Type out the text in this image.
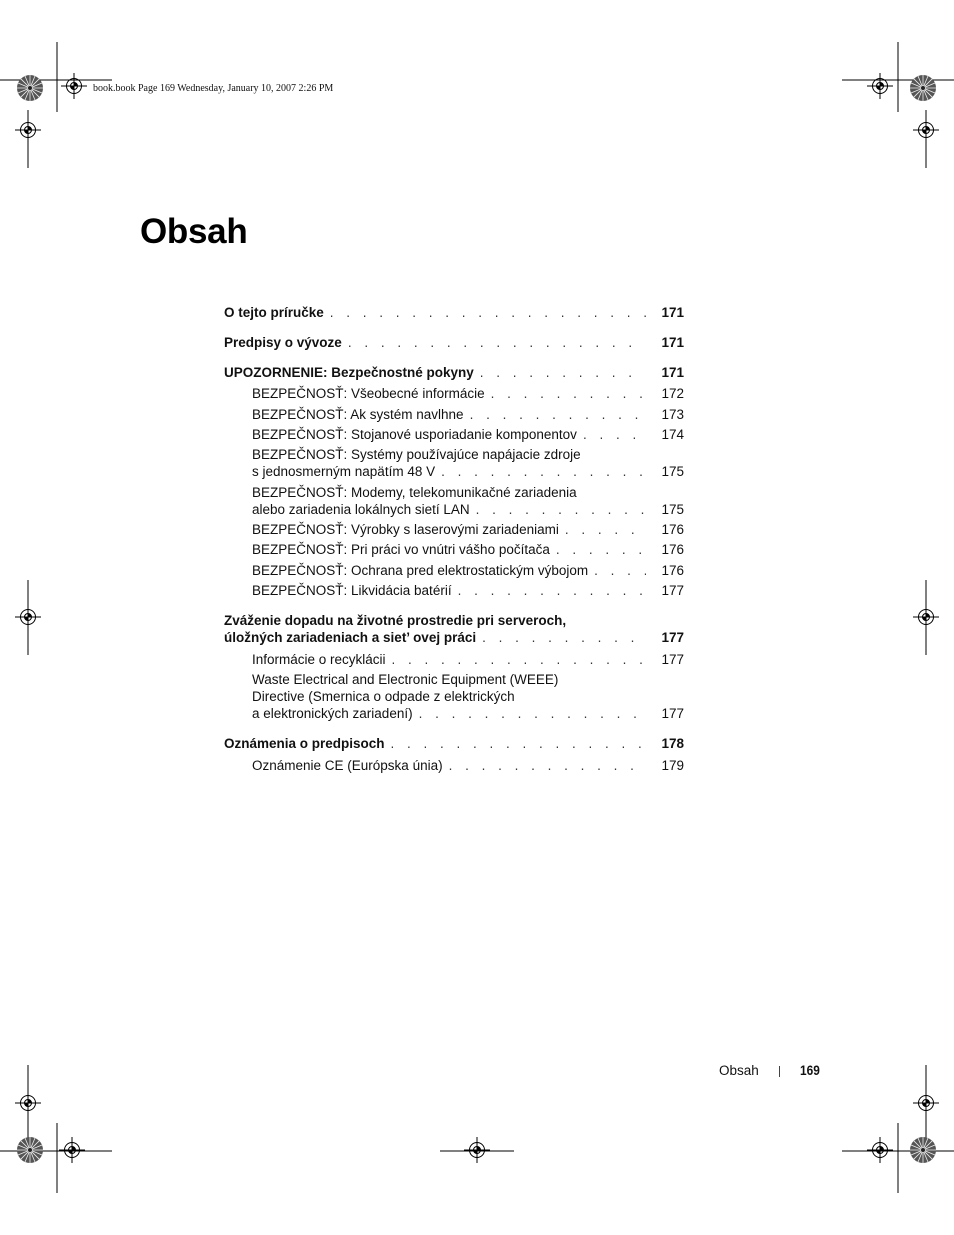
book.book Page 169 Wednesday, January 10, 2007 2:26 PM
Obsah
O tejto príručke . . .	171
Predpisy o vývoze . . .	171
UPOZORNENIE: Bezpečnostné pokyny . . .	171
BEZPEČNOSŤ: Všeobecné informácie . . .	172
BEZPEČNOSŤ: Ak systém navlhne . . .	173
BEZPEČNOSŤ: Stojanové usporiadanie komponentov . . .	174
BEZPEČNOSŤ: Systémy používajúce napájacie zdroje
s jednosmerným napätím 48 V . . .	175
BEZPEČNOSŤ: Modemy, telekomunikačné zariadenia
alebo zariadenia lokálnych sietí LAN . . .	175
BEZPEČNOSŤ: Výrobky s laserovými zariadeniami . . .	176
BEZPEČNOSŤ: Pri práci vo vnútri vášho počítača . . .	176
BEZPEČNOSŤ: Ochrana pred elektrostatickým výbojom . . .	176
BEZPEČNOSŤ: Likvidácia batérií . . .	177
Zváženie dopadu na životné prostredie pri serveroch,
úložných zariadeniach a siet’ ovej práci . . .	177
Informácie o recyklácii . . .	177
Waste Electrical and Electronic Equipment (WEEE)
Directive (Smernica o odpade z elektrických
a elektronických zariadení) . . .	177
Oznámenia o predpisoch . . .	178
Oznámenie CE (Európska únia) . . .	179
Obsah	169
